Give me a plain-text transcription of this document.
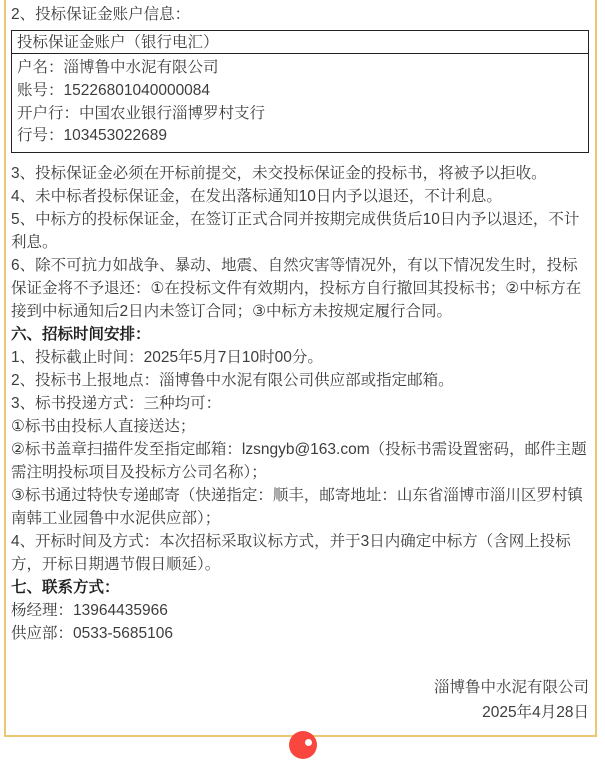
2、投标保证金账户信息：

投标保证金账户（银行电汇）
户名：淄博鲁中水泥有限公司
账号：15226801040000084
开户行：中国农业银行淄博罗村支行
行号：103453022689

3、投标保证金必须在开标前提交，未交投标保证金的投标书，将被予以拒收。

4、未中标者投标保证金，在发出落标通知10日内予以退还，不计利息。

5、中标方的投标保证金，在签订正式合同并按期完成供货后10日内予以退还，不计利息。

6、除不可抗力如战争、暴动、地震、自然灾害等情况外，有以下情况发生时，投标保证金将不予退还：①在投标文件有效期内，投标方自行撤回其投标书；②中标方在接到中标通知后2日内未签订合同；③中标方未按规定履行合同。

六、招标时间安排：

1、投标截止时间：2025年5月7日10时00分。

2、投标书上报地点：淄博鲁中水泥有限公司供应部或指定邮箱。

3、标书投递方式：三种均可：

①标书由投标人直接送达；

②标书盖章扫描件发至指定邮箱：lzsngyb@163.com（投标书需设置密码，邮件主题需注明投标项目及投标方公司名称）；

③标书通过特快专递邮寄（快递指定：顺丰，邮寄地址：山东省淄博市淄川区罗村镇南韩工业园鲁中水泥供应部）；

4、开标时间及方式：本次招标采取议标方式，并于3日内确定中标方（含网上投标方，开标日期遇节假日顺延）。

七、联系方式：

杨经理：13964435966

供应部：0533-5685106

淄博鲁中水泥有限公司

2025年4月28日
